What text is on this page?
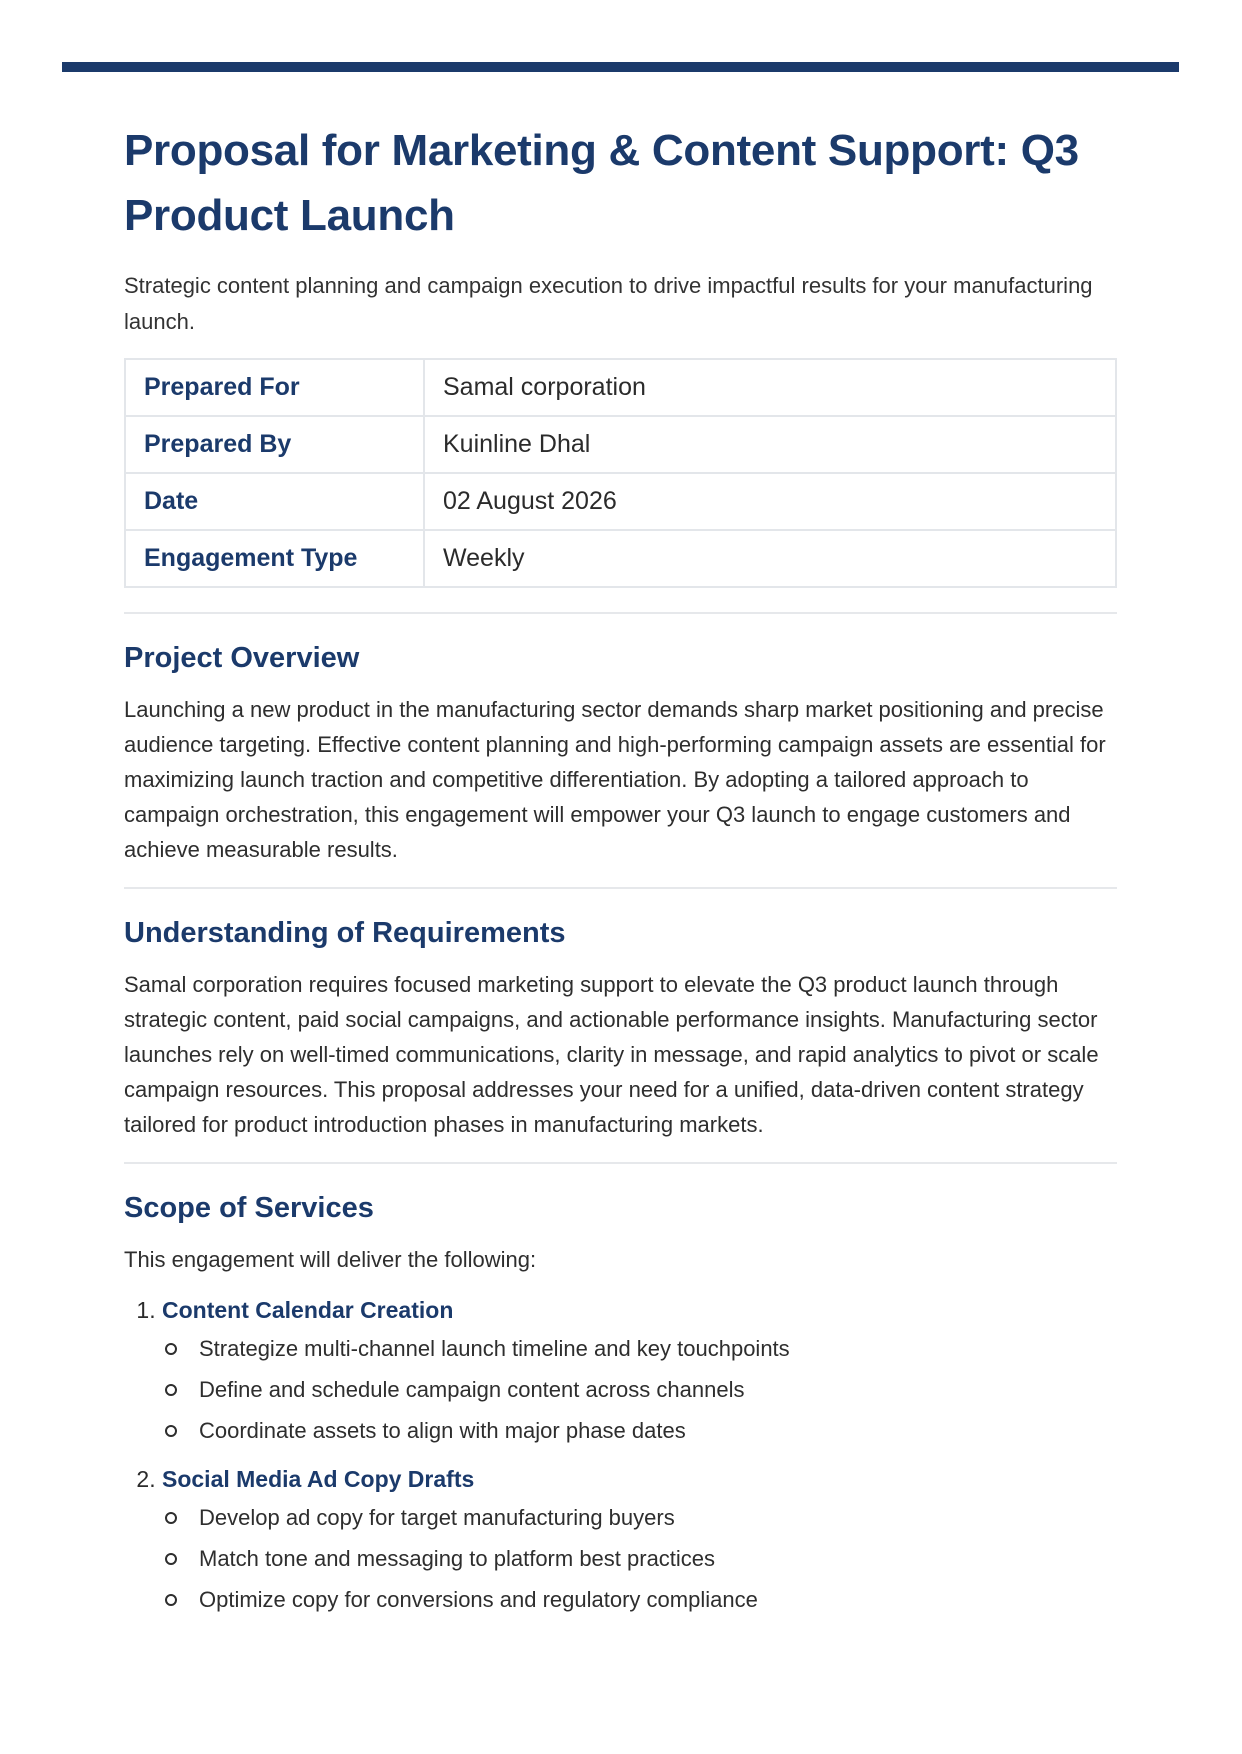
Proposal for Marketing & Content Support: Q3 Product Launch

Strategic content planning and campaign execution to drive impactful results for your manufacturing launch.

Prepared For	Samal corporation
Prepared By	Kuinline Dhal
Date	02 August 2026
Engagement Type	Weekly
Project Overview

Launching a new product in the manufacturing sector demands sharp market positioning and precise audience targeting. Effective content planning and high-performing campaign assets are essential for maximizing launch traction and competitive differentiation. By adopting a tailored approach to campaign orchestration, this engagement will empower your Q3 launch to engage customers and achieve measurable results.

Understanding of Requirements

Samal corporation requires focused marketing support to elevate the Q3 product launch through strategic content, paid social campaigns, and actionable performance insights. Manufacturing sector launches rely on well-timed communications, clarity in message, and rapid analytics to pivot or scale campaign resources. This proposal addresses your need for a unified, data-driven content strategy tailored for product introduction phases in manufacturing markets.

Scope of Services

This engagement will deliver the following:

1. Content Calendar Creation
Strategize multi-channel launch timeline and key touchpoints
Define and schedule campaign content across channels
Coordinate assets to align with major phase dates
2. Social Media Ad Copy Drafts
Develop ad copy for target manufacturing buyers
Match tone and messaging to platform best practices
Optimize copy for conversions and regulatory compliance
